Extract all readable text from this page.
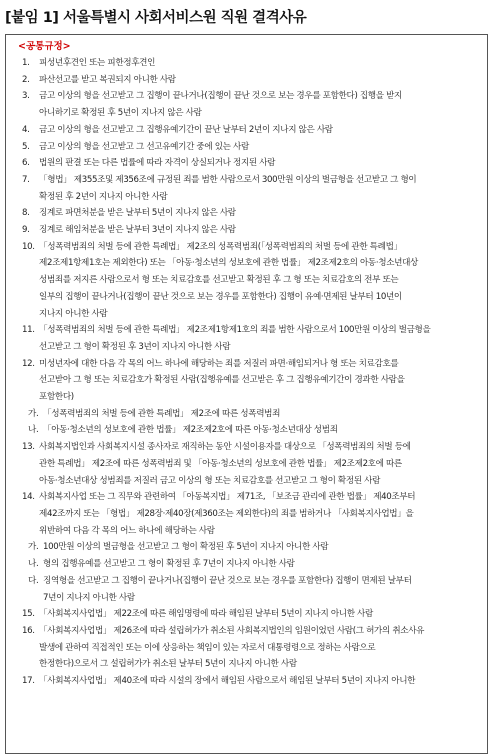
[붙임 1] 서울특별시 사회서비스원 직원 결격사유
<공통규정>
1.	피성년후견인 또는 피한정후견인
2.	파산선고를 받고 복권되지 아니한 사람
3.	금고 이상의 형을 선고받고 그 집행이 끝나거나(집행이 끝난 것으로 보는 경우를 포함한다) 집행을 받지
아니하기로 확정된 후 5년이 지나지 않은 사람
4.	금고 이상의 형을 선고받고 그 집행유예기간이 끝난 날부터 2년이 지나지 않은 사람
5.	금고 이상의 형을 선고받고 그 선고유예기간 중에 있는 사람
6.	법원의 판결 또는 다른 법률에 따라 자격이 상실되거나 정지된 사람
7.	「형법」 제355조및 제356조에 규정된 죄를 범한 사람으로서 300만원 이상의 벌금형을 선고받고 그 형이
확정된 후 2년이 지나지 아니한 사람
8.	징계로 파면처분을 받은 날부터 5년이 지나지 않은 사람
9.	징계로 해임처분을 받은 날부터 3년이 지나지 않은 사람
10. 「성폭력범죄의 처벌 등에 관한 특례법」 제2조의 성폭력범죄(「성폭력범죄의 처벌 등에 관한 특례법」
제2조제1항제1호는 제외한다) 또는 「아동·청소년의 성보호에 관한 법률」 제2조제2호의 아동·청소년대상
성범죄를 저지른 사람으로서 형 또는 치료감호를 선고받고 확정된 후 그 형 또는 치료감호의 전부 또는
일부의 집행이 끝나거나(집행이 끝난 것으로 보는 경우를 포함한다) 집행이 유예·면제된 날부터 10년이
지나지 아니한 사람
11. 「성폭력범죄의 처벌 등에 관한 특례법」 제2조제1항제1호의 죄를 범한 사람으로서 100만원 이상의 벌금형을
선고받고 그 형이 확정된 후 3년이 지나지 아니한 사람
12. 미성년자에 대한 다음 각 목의 어느 하나에 해당하는 죄를 저질러 파면·해임되거나 형 또는 치료감호를
선고받아 그 형 또는 치료감호가 확정된 사람(집행유예를 선고받은 후 그 집행유예기간이 경과한 사람을
포함한다)
가. 「성폭력범죄의 처벌 등에 관한 특례법」 제2조에 따른 성폭력범죄
나. 「아동·청소년의 성보호에 관한 법률」 제2조제2호에 따른 아동·청소년대상 성범죄
13. 사회복지법인과 사회복지시설 종사자로 재직하는 동안 시설이용자를 대상으로 「성폭력범죄의 처벌 등에
관한 특례법」 제2조에 따른 성폭력범죄 및 「아동·청소년의 성보호에 관한 법률」 제2조제2호에 따른
아동·청소년대상 성범죄를 저질러 금고 이상의 형 또는 치료감호를 선고받고 그 형이 확정된 사람
14. 사회복지사업 또는 그 직무와 관련하여 「아동복지법」 제71조, 「보조금 관리에 관한 법률」 제40조부터
제42조까지 또는 「형법」 제28장·제40장(제360조는 제외한다)의 죄를 범하거나 「사회복지사업법」을
위반하여 다음 각 목의 어느 하나에 해당하는 사람
가. 100만원 이상의 벌금형을 선고받고 그 형이 확정된 후 5년이 지나지 아니한 사람
나. 형의 집행유예를 선고받고 그 형이 확정된 후 7년이 지나지 아니한 사람
다. 징역형을 선고받고 그 집행이 끝나거나(집행이 끝난 것으로 보는 경우를 포함한다) 집행이 면제된 날부터
7년이 지나지 아니한 사람
15. 「사회복지사업법」 제22조에 따른 해임명령에 따라 해임된 날부터 5년이 지나지 아니한 사람
16. 「사회복지사업법」 제26조에 따라 설립허가가 취소된 사회복지법인의 임원이었던 사람(그 허가의 취소사유
발생에 관하여 직접적인 또는 이에 상응하는 책임이 있는 자로서 대통령령으로 정하는 사람으로
한정한다)으로서 그 설립허가가 취소된 날부터 5년이 지나지 아니한 사람
17. 「사회복지사업법」 제40조에 따라 시설의 장에서 해임된 사람으로서 해임된 날부터 5년이 지나지 아니한
